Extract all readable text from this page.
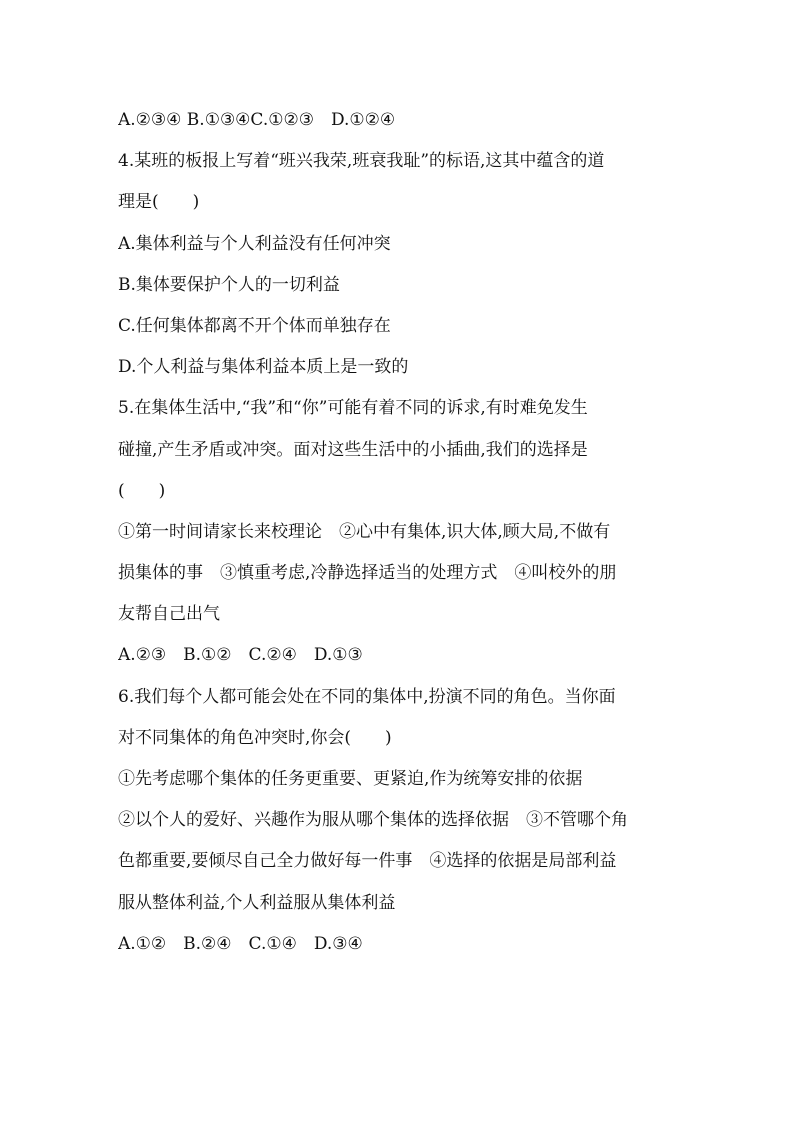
A.②③④ B.①③④C.①②③　D.①②④
4.某班的板报上写着“班兴我荣,班衰我耻”的标语,这其中蕴含的道
理是(　　)
A.集体利益与个人利益没有任何冲突
B.集体要保护个人的一切利益
C.任何集体都离不开个体而单独存在
D.个人利益与集体利益本质上是一致的
5.在集体生活中,“我”和“你”可能有着不同的诉求,有时难免发生
碰撞,产生矛盾或冲突。面对这些生活中的小插曲,我们的选择是
(　　)
①第一时间请家长来校理论　②心中有集体,识大体,顾大局,不做有
损集体的事　③慎重考虑,冷静选择适当的处理方式　④叫校外的朋
友帮自己出气
A.②③　B.①②　C.②④　D.①③
6.我们每个人都可能会处在不同的集体中,扮演不同的角色。当你面
对不同集体的角色冲突时,你会(　　)
①先考虑哪个集体的任务更重要、更紧迫,作为统筹安排的依据
②以个人的爱好、兴趣作为服从哪个集体的选择依据　③不管哪个角
色都重要,要倾尽自己全力做好每一件事　④选择的依据是局部利益
服从整体利益,个人利益服从集体利益
A.①②　B.②④　C.①④　D.③④
